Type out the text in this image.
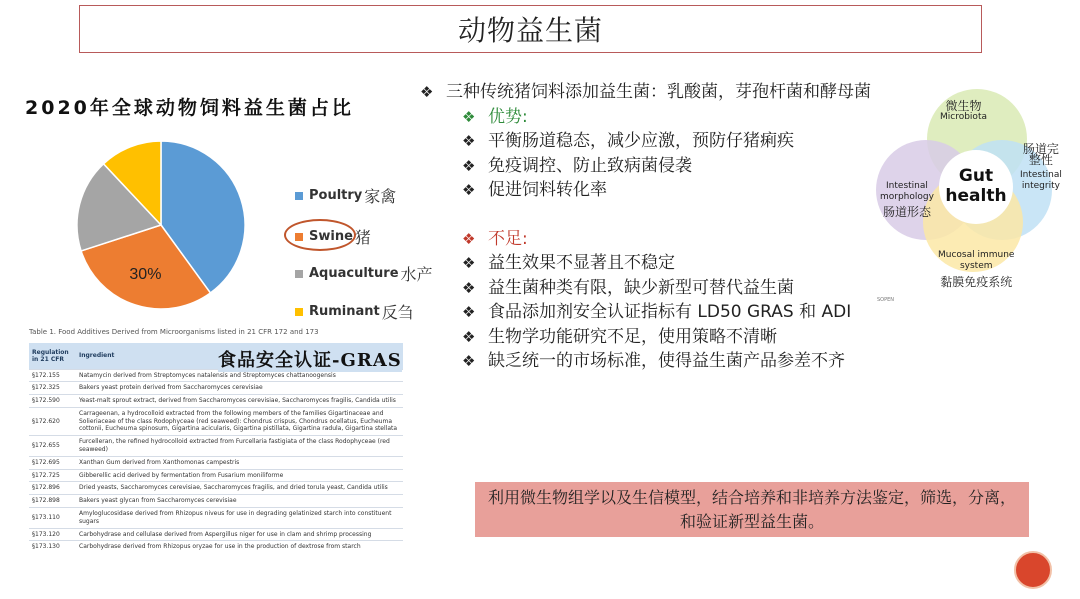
动物益生菌
2020年全球动物饲料益生菌占比
30%
Poultry 家禽
Swine 猪
Aquaculture 水产
Ruminant 反刍
Table 1. Food Additives Derived from Microorganisms listed in 21 CFR 172 and 173
Regulation in 21 CFR	Ingredient
§172.155	Natamycin derived from Streptomyces natalensis and Streptomyces chattanoogensis
§172.325	Bakers yeast protein derived from Saccharomyces cerevisiae
§172.590	Yeast-malt sprout extract, derived from Saccharomyces cerevisiae, Saccharomyces fragilis, Candida utilis
§172.620	Carrageenan, a hydrocolloid extracted from the following members of the families Gigartinaceae and Solieriaceae of the class Rodophyceae (red seaweed): Chondrus crispus, Chondrus ocellatus, Eucheuma cottonii, Eucheuma spinosum, Gigartina acicularis, Gigartina pistillata, Gigartina radula, Gigartina stellata
§172.655	Furcelleran, the refined hydrocolloid extracted from Furcellaria fastigiata of the class Rodophyceae (red seaweed)
§172.695	Xanthan Gum derived from Xanthomonas campestris
§172.725	Gibberellic acid derived by fermentation from Fusarium moniliforme
§172.896	Dried yeasts, Saccharomyces cerevisiae, Saccharomyces fragilis, and dried torula yeast, Candida utilis
§172.898	Bakers yeast glycan from Saccharomyces cerevisiae
§173.110	Amyloglucosidase derived from Rhizopus niveus for use in degrading gelatinized starch into constituent sugars
§173.120	Carbohydrase and cellulase derived from Aspergillus niger for use in clam and shrimp processing
§173.130	Carbohydrase derived from Rhizopus oryzae for use in the production of dextrose from starch
食品安全认证-GRAS
❖ 三种传统猪饲料添加益生菌：乳酸菌，芽孢杆菌和酵母菌
❖ 优势:
❖ 平衡肠道稳态，减少应激，预防仔猪痢疾
❖ 免疫调控、防止致病菌侵袭
❖ 促进饲料转化率
❖ 不足:
❖ 益生效果不显著且不稳定
❖ 益生菌种类有限，缺少新型可替代益生菌
❖ 食品添加剂安全认证指标有 LD50 GRAS 和 ADI
❖ 生物学功能研究不足，使用策略不清晰
❖ 缺乏统一的市场标准，使得益生菌产品参差不齐
微生物
Microbiota
Intestinal
morphology
肠道形态
肠道完
整性
Intestinal
integrity
Mucosal immune
system
黏膜免疫系统
Gut
health
SOPEN
利用微生物组学以及生信模型，结合培养和非培养方法鉴定，筛选，分离，和验证新型益生菌。
